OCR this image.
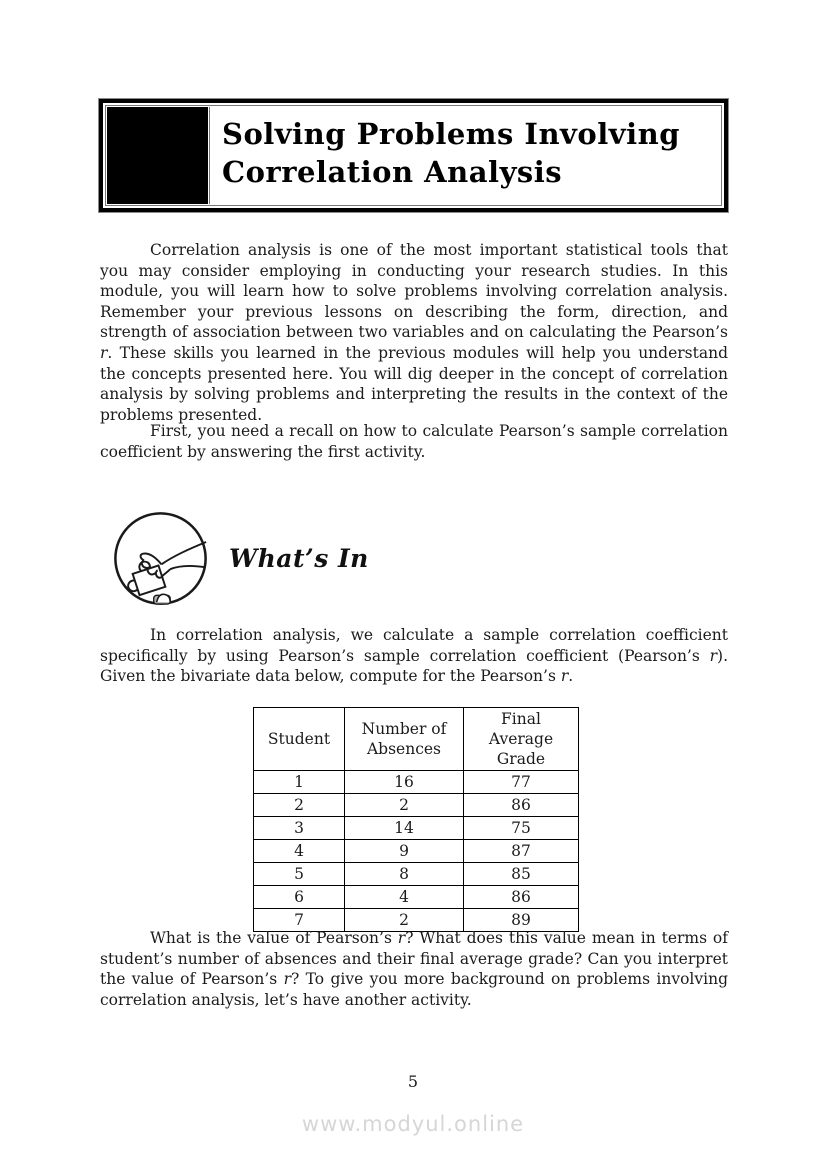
Solving Problems Involving
Correlation Analysis

Correlation analysis is one of the most important statistical tools that you may consider employing in conducting your research studies. In this module, you will learn how to solve problems involving correlation analysis. Remember your previous lessons on describing the form, direction, and strength of association between two variables and on calculating the Pearson’s r. These skills you learned in the previous modules will help you understand the concepts presented here. You will dig deeper in the concept of correlation analysis by solving problems and interpreting the results in the context of the problems presented.

First, you need a recall on how to calculate Pearson’s sample correlation coefficient by answering the first activity.

What’s In

In correlation analysis, we calculate a sample correlation coefficient specifically by using Pearson’s sample correlation coefficient (Pearson’s r). Given the bivariate data below, compute for the Pearson’s r.

Student	Number of Absences	Final Average Grade
1	16	77
2	2	86
3	14	75
4	9	87
5	8	85
6	4	86
7	2	89

What is the value of Pearson’s r? What does this value mean in terms of student’s number of absences and their final average grade? Can you interpret the value of Pearson’s r? To give you more background on problems involving correlation analysis, let’s have another activity.

5
www.modyul.online
